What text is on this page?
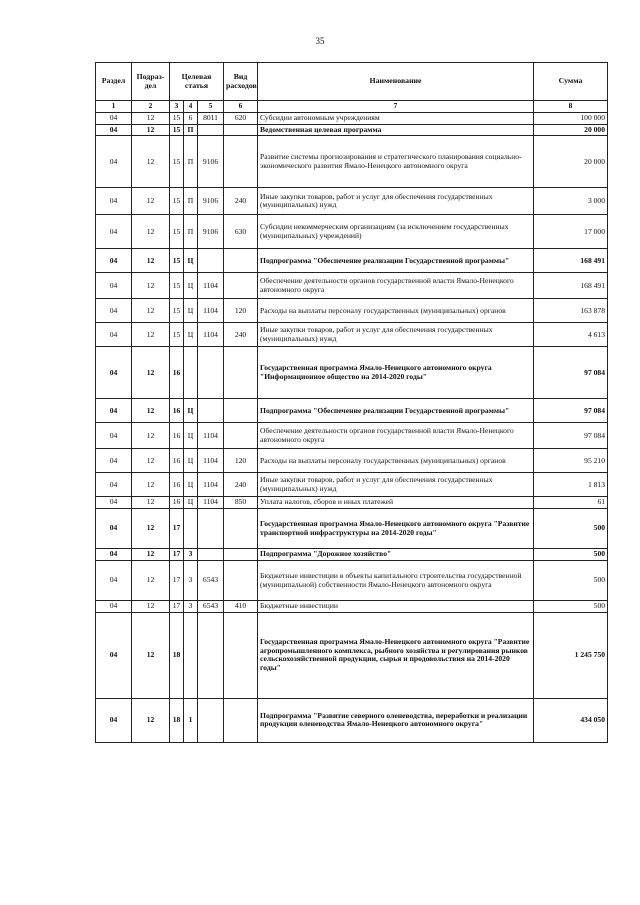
35
Раздел	Подраз- дел	Целевая статья			Вид расходов	Наименование	Сумма
1	2	3	4	5	6	7	8
04	12	15	6	8011	620	Субсидии автономным учреждениям	100 000
04	12	15	П			Ведомственная целевая программа	20 000
04	12	15	П	9106		Развитие системы прогнозирования и стратегического планирования социально-экономического развития Ямало-Ненецкого автономного округа	20 000
04	12	15	П	9106	240	Иные закупки товаров, работ и услуг для обеспечения государственных (муниципальных) нужд	3 000
04	12	15	П	9106	630	Субсидии некоммерческим организациям (за исключением государственных (муниципальных) учреждений)	17 000
04	12	15	Ц			Подпрограмма "Обеспечение реализации Государственной программы"	168 491
04	12	15	Ц	1104		Обеспечение деятельности органов государственной власти Ямало-Ненецкого автономного округа	168 491
04	12	15	Ц	1104	120	Расходы на выплаты персоналу государственных (муниципальных) органов	163 878
04	12	15	Ц	1104	240	Иные закупки товаров, работ и услуг для обеспечения государственных (муниципальных) нужд	4 613
04	12	16				Государственная программа Ямало-Ненецкого автономного округа "Информационное общество на 2014-2020 годы"	97 084
04	12	16	Ц			Подпрограмма "Обеспечение реализации Государственной программы"	97 084
04	12	16	Ц	1104		Обеспечение деятельности органов государственной власти Ямало-Ненецкого автономного округа	97 084
04	12	16	Ц	1104	120	Расходы на выплаты персоналу государственных (муниципальных) органов	95 210
04	12	16	Ц	1104	240	Иные закупки товаров, работ и услуг для обеспечения государственных (муниципальных) нужд	1 813
04	12	16	Ц	1104	850	Уплата налогов, сборов и иных платежей	61
04	12	17				Государственная программа Ямало-Ненецкого автономного округа "Развитие транспортной инфраструктуры на 2014-2020 годы"	500
04	12	17	3			Подпрограмма "Дорожное хозяйство"	500
04	12	17	3	6543		Бюджетные инвестиции в объекты капитального строительства государственной (муниципальной) собственности Ямало-Ненецкого автономного округа	500
04	12	17	3	6543	410	Бюджетные инвестиции	500
04	12	18				Государственная программа Ямало-Ненецкого автономного округа "Развитие агропромышленного комплекса, рыбного хозяйства и регулирования рынков сельскохозяйственной продукции, сырья и продовольствия на 2014-2020 годы"	1 245 750
04	12	18	1			Подпрограмма "Развитие северного оленеводства, переработки и реализации продукции оленеводства Ямало-Ненецкого автономного округа"	434 050
